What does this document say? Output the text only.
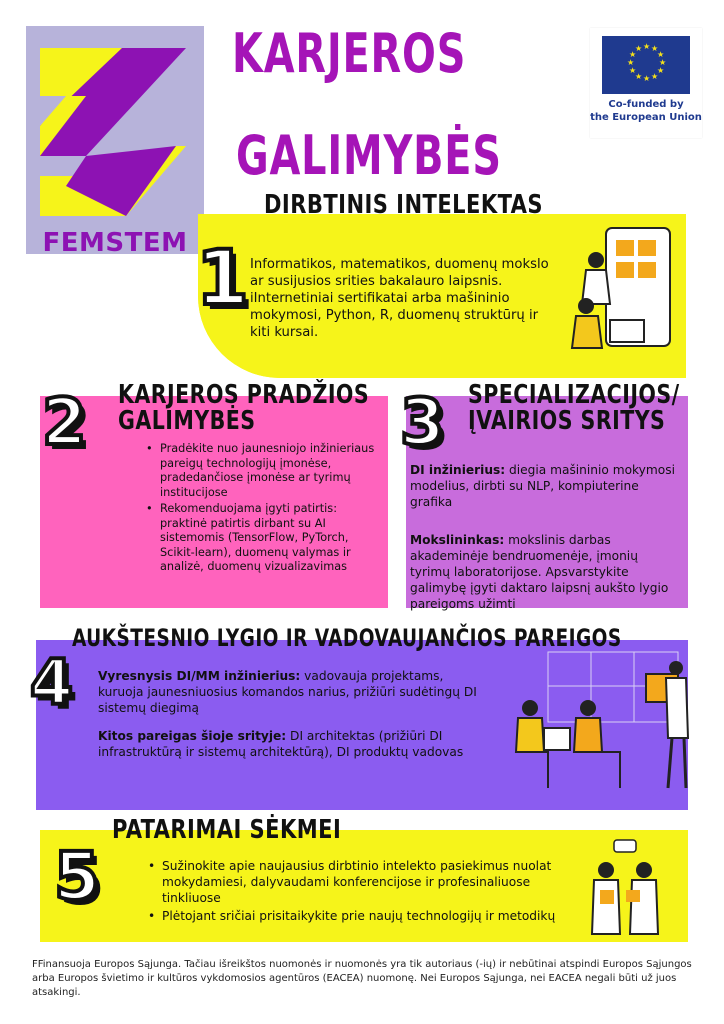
FEMSTEM
KARJEROS
GALIMYBĖS
★ ★
★
★
★
★
★
★
★
★
★
★
Co-funded by
the European Union
DIRBTINIS INTELEKTAS
1 Informatikos, matematikos, duomenų mokslo ar susijusios srities bakalauro laipsnis. iInternetiniai sertifikatai arba mašininio mokymosi, Python, R, duomenų struktūrų ir kiti kursai.
2 KARJEROS PRADŽIOS
GALIMYBĖS
• Pradėkite nuo jaunesniojo inžinieriaus pareigų technologijų įmonėse, pradedančiose įmonėse ar tyrimų institucijose
• Rekomenduojama įgyti patirtis: praktinė patirtis dirbant su AI sistemomis (TensorFlow, PyTorch, Scikit-learn), duomenų valymas ir analizė, duomenų vizualizavimas
3 SPECIALIZACIJOS/
ĮVAIRIOS SRITYS
DI inžinierius: diegia mašininio mokymosi modelius, dirbti su NLP, kompiuterine grafika
Mokslininkas: mokslinis darbas akademinėje bendruomenėje, įmonių tyrimų laboratorijose. Apsvarstykite galimybę įgyti daktaro laipsnį aukšto lygio pareigoms užimti
AUKŠTESNIO LYGIO IR VADOVAUJANČIOS PAREIGOS
4 Vyresnysis DI/MM inžinierius: vadovauja projektams, kuruoja jaunesniuosius komandos narius, prižiūri sudėtingų DI sistemų diegimą
Kitos pareigas šioje srityje: DI architektas (prižiūri DI infrastruktūrą ir sistemų architektūrą), DI produktų vadovas
PATARIMAI SĖKMEI
5
•	Sužinokite apie naujausius dirbtinio intelekto pasiekimus nuolat mokydamiesi, dalyvaudami konferencijose ir profesinaliuose tinkliuose
• Plėtojant sričiai prisitaikykite prie naujų technologijų ir metodikų
FFinansuoja Europos Sąjunga. Tačiau išreikštos nuomonės ir nuomonės yra tik autoriaus (-ių) ir nebūtinai atspindi Europos Sąjungos arba Europos švietimo ir kultūros vykdomosios agentūros (EACEA) nuomonę. Nei Europos Sąjunga, nei EACEA negali būti už juos atsakingi.
